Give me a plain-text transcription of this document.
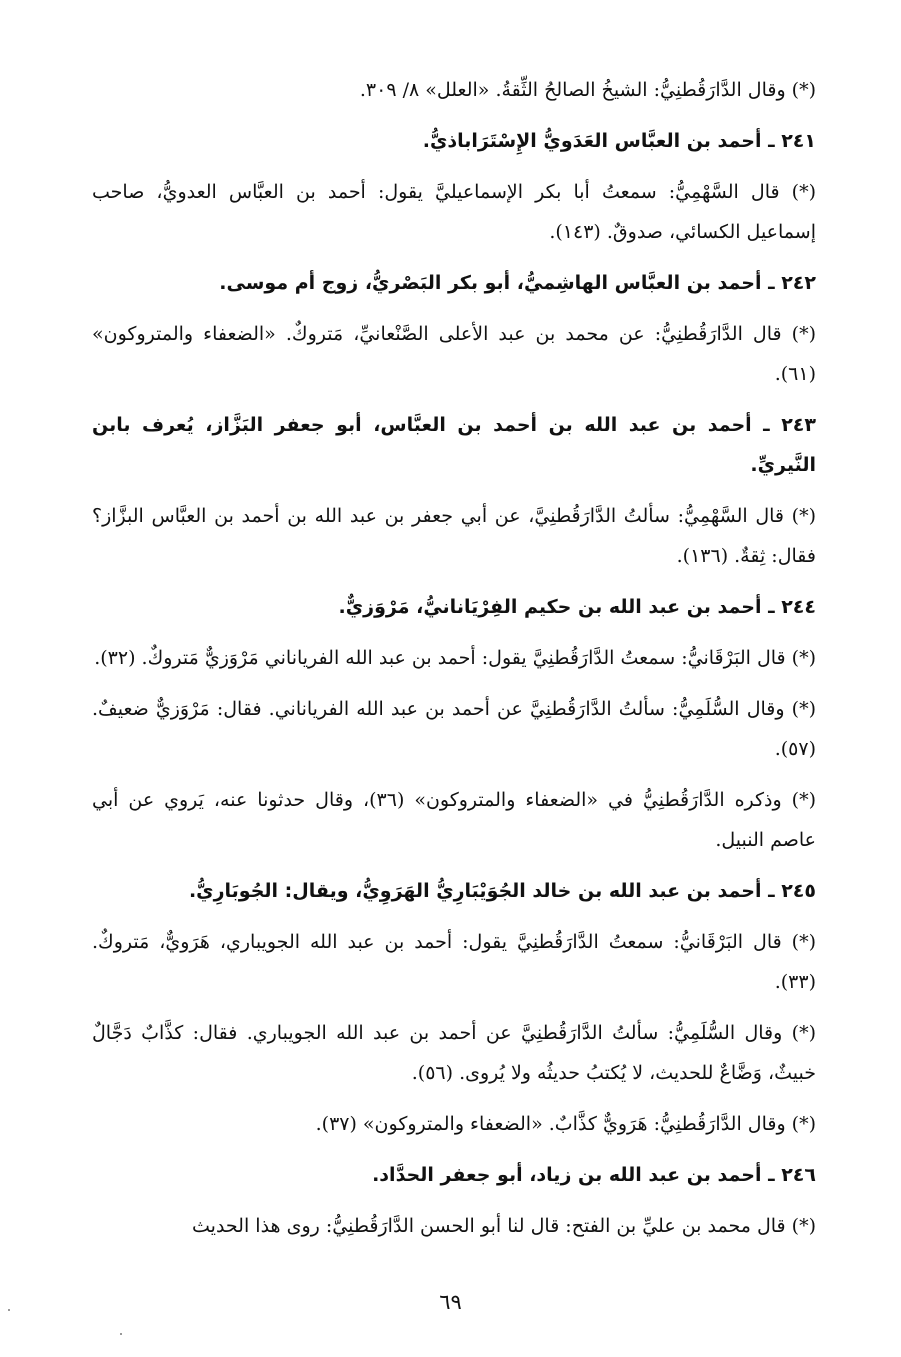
(*) وقال الدَّارَقُطنِيُّ: الشيخُ الصالحُ الثِّقةُ. «العلل» ٨/ ٣٠٩.
٢٤١ ـ أحمد بن العبَّاس العَدَويُّ الإِسْتَرَاباذيُّ.
(*) قال السَّهْمِيُّ: سمعتُ أبا بكر الإسماعيليَّ يقول: أحمد بن العبَّاس العدويُّ، صاحب إسماعيل الكسائي، صدوقٌ. (١٤٣).
٢٤٢ ـ أحمد بن العبَّاس الهاشِميُّ، أبو بكر البَصْريُّ، زوج أم موسى.
(*) قال الدَّارَقُطنِيُّ: عن محمد بن عبد الأعلى الصَّنْعانيِّ، مَتروكٌ. «الضعفاء والمتروكون» (٦١).
٢٤٣ ـ أحمد بن عبد الله بن أحمد بن العبَّاس، أبو جعفر البَزَّاز، يُعرف بابن النَّيريِّ.
(*) قال السَّهْمِيُّ: سألتُ الدَّارَقُطنِيَّ، عن أبي جعفر بن عبد الله بن أحمد بن العبَّاس البزَّاز؟ فقال: ثِقةٌ. (١٣٦).
٢٤٤ ـ أحمد بن عبد الله بن حكيم الفِرْيَانانيُّ، مَرْوَزيٌّ.
(*) قال البَرْقَانيُّ: سمعتُ الدَّارَقُطنِيَّ يقول: أحمد بن عبد الله الفرياناني مَرْوَزيٌّ مَتروكٌ. (٣٢).
(*) وقال السُّلَمِيُّ: سألتُ الدَّارَقُطنِيَّ عن أحمد بن عبد الله الفرياناني. فقال: مَرْوَزيٌّ ضعيفٌ. (٥٧).
(*) وذكره الدَّارَقُطنِيُّ في «الضعفاء والمتروكون» (٣٦)، وقال حدثونا عنه، يَروي عن أبي عاصم النبيل.
٢٤٥ ـ أحمد بن عبد الله بن خالد الجُوَيْبَارِيُّ الهَرَوِيُّ، ويقال: الجُوبَارِيُّ.
(*) قال البَرْقَانيُّ: سمعتُ الدَّارَقُطنِيَّ يقول: أحمد بن عبد الله الجويباري، هَرَويٌّ، مَتروكٌ. (٣٣).
(*) وقال السُّلَمِيُّ: سألتُ الدَّارَقُطنِيَّ عن أحمد بن عبد الله الجويباري. فقال: كذَّابٌ دَجَّالٌ خبيثٌ، وَضَّاعٌ للحديث، لا يُكتبُ حديثُه ولا يُروى. (٥٦).
(*) وقال الدَّارَقُطنِيُّ: هَرَويٌّ كذَّابٌ. «الضعفاء والمتروكون» (٣٧).
٢٤٦ ـ أحمد بن عبد الله بن زياد، أبو جعفر الحدَّاد.
(*) قال محمد بن عليِّ بن الفتح: قال لنا أبو الحسن الدَّارَقُطنِيُّ: روى هذا الحديث
٦٩
